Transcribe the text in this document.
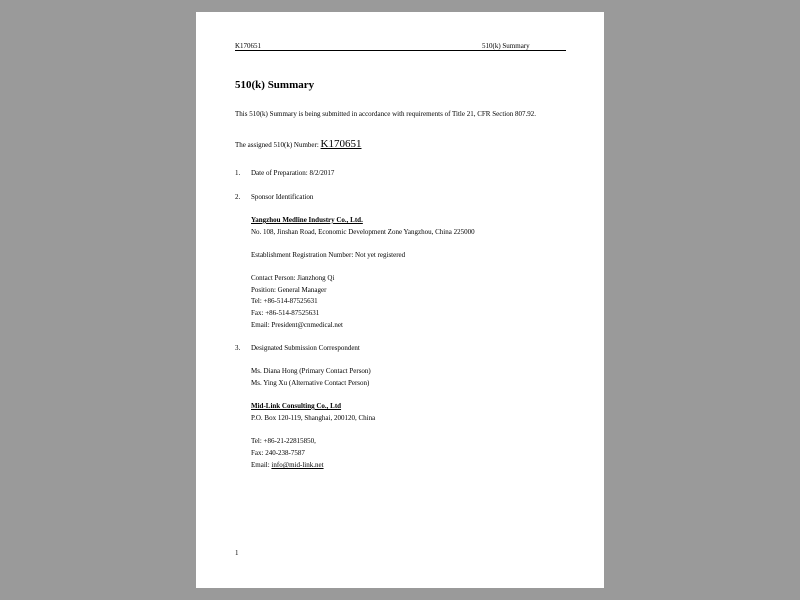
K170651	510(k) Summary
510(k) Summary
This 510(k) Summary is being submitted in accordance with requirements of Title 21, CFR Section 807.92.
The assigned 510(k) Number: K170651
1. Date of Preparation: 8/2/2017
2. Sponsor Identification
Yangzhou Medline Industry Co., Ltd.
No. 108, Jinshan Road, Economic Development Zone Yangzhou, China 225000
Establishment Registration Number: Not yet registered
Contact Person: Jianzhong Qi
Position: General Manager
Tel: +86-514-87525631
Fax: +86-514-87525631
Email: President@cnmedical.net
3. Designated Submission Correspondent
Ms. Diana Hong (Primary Contact Person)
Ms. Ying Xu (Alternative Contact Person)
Mid-Link Consulting Co., Ltd
P.O. Box 120-119, Shanghai, 200120, China
Tel: +86-21-22815850,
Fax: 240-238-7587
Email: info@mid-link.net
1
